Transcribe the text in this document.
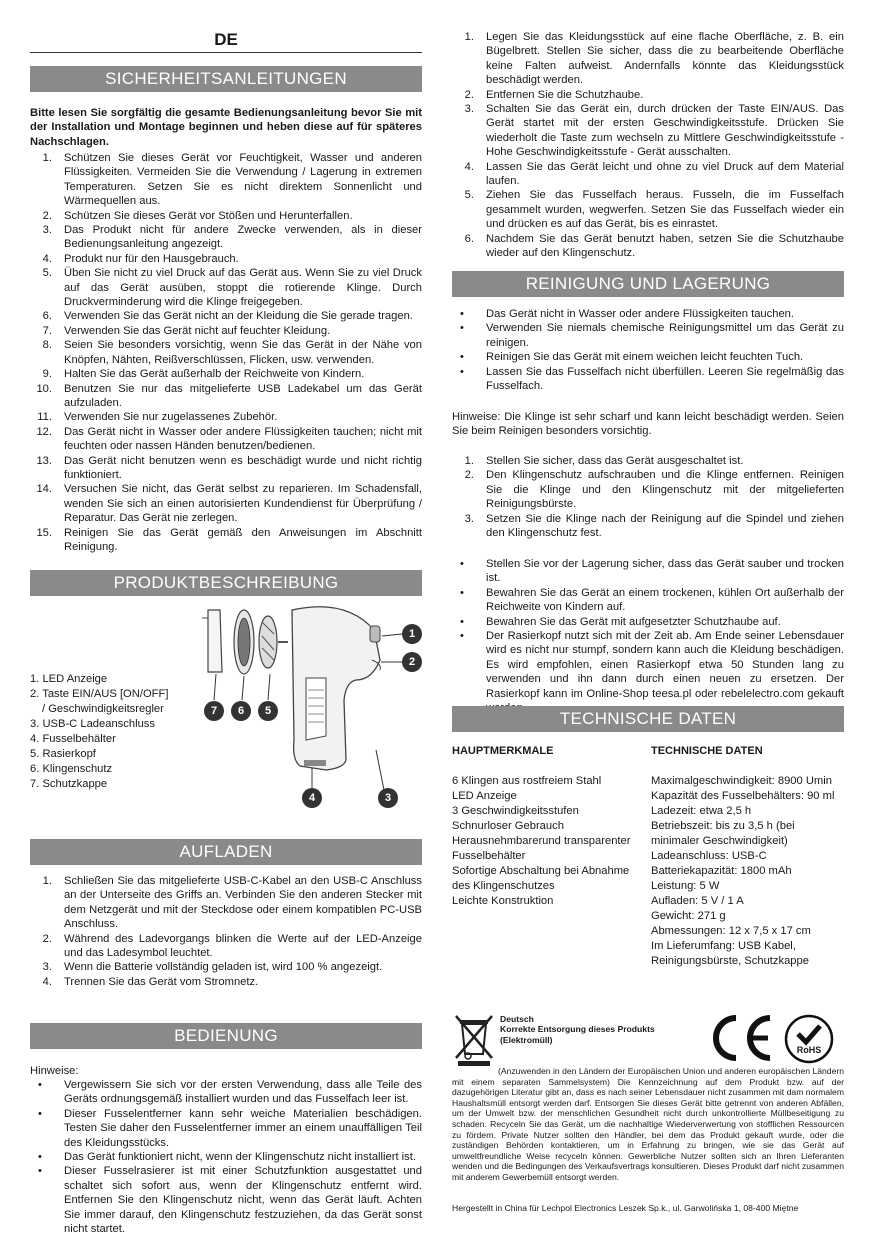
DE
SICHERHEITSANLEITUNGEN
Bitte lesen Sie sorgfältig die gesamte Bedienungsanleitung bevor Sie mit der Installation und Montage beginnen und heben diese auf für späteres Nachschlagen.
1. Schützen Sie dieses Gerät vor Feuchtigkeit, Wasser und anderen Flüssigkeiten. Vermeiden Sie die Verwendung / Lagerung in extremen Temperaturen. Setzen Sie es nicht direktem Sonnenlicht und Wärmequellen aus.
2. Schützen Sie dieses Gerät vor Stößen und Herunterfallen.
3. Das Produkt nicht für andere Zwecke verwenden, als in dieser Bedienungsanleitung angezeigt.
4. Produkt nur für den Hausgebrauch.
5. Üben Sie nicht zu viel Druck auf das Gerät aus. Wenn Sie zu viel Druck auf das Gerät ausüben, stoppt die rotierende Klinge. Durch Druckverminderung wird die Klinge freigegeben.
6. Verwenden Sie das Gerät nicht an der Kleidung die Sie gerade tragen.
7. Verwenden Sie das Gerät nicht auf feuchter Kleidung.
8. Seien Sie besonders vorsichtig, wenn Sie das Gerät in der Nähe von Knöpfen, Nähten, Reißverschlüssen, Flicken, usw. verwenden.
9. Halten Sie das Gerät außerhalb der Reichweite von Kindern.
10. Benutzen Sie nur das mitgelieferte USB Ladekabel um das Gerät aufzuladen.
11. Verwenden Sie nur zugelassenes Zubehör.
12. Das Gerät nicht in Wasser oder andere Flüssigkeiten tauchen; nicht mit feuchten oder nassen Händen benutzen/bedienen.
13. Das Gerät nicht benutzen wenn es beschädigt wurde und nicht richtig funktioniert.
14. Versuchen Sie nicht, das Gerät selbst zu reparieren. Im Schadensfall, wenden Sie sich an einen autorisierten Kundendienst für Überprüfung / Reparatur. Das Gerät nie zerlegen.
15. Reinigen Sie das Gerät gemäß den Anweisungen im Abschnitt Reinigung.
PRODUKTBESCHREIBUNG
1. LED Anzeige
2. Taste EIN/AUS [ON/OFF]
/ Geschwindigkeitsregler
3. USB-C Ladeanschluss
4. Fusselbehälter
5. Rasierkopf
6. Klingenschutz
7. Schutzkappe
1
2
3
4
5
6
7
AUFLADEN
1. Schließen Sie das mitgelieferte USB-C-Kabel an den USB-C Anschluss an der Unterseite des Griffs an. Verbinden Sie den anderen Stecker mit dem Netzgerät und mit der Steckdose oder einem kompatiblen PC-USB Anschluss.
2. Während des Ladevorgangs blinken die Werte auf der LED-Anzeige und das Ladesymbol leuchtet.
3. Wenn die Batterie vollständig geladen ist, wird 100 % angezeigt.
4. Trennen Sie das Gerät vom Stromnetz.
BEDIENUNG
Hinweise:
• Vergewissern Sie sich vor der ersten Verwendung, dass alle Teile des Geräts ordnungsgemäß installiert wurden und das Fusselfach leer ist.
• Dieser Fusselentferner kann sehr weiche Materialien beschädigen. Testen Sie daher den Fusselentferner immer an einem unauffälligen Teil des Kleidungsstücks.
• Das Gerät funktioniert nicht, wenn der Klingenschutz nicht installiert ist.
• Dieser Fusselrasierer ist mit einer Schutzfunktion ausgestattet und schaltet sich sofort aus, wenn der Klingenschutz entfernt wird. Entfernen Sie den Klingenschutz nicht, wenn das Gerät läuft. Achten Sie immer darauf, den Klingenschutz festzuziehen, da das Gerät sonst nicht startet.
1. Legen Sie das Kleidungsstück auf eine flache Oberfläche, z. B. ein Bügelbrett. Stellen Sie sicher, dass die zu bearbeitende Oberfläche keine Falten aufweist. Andernfalls könnte das Kleidungsstück beschädigt werden.
2. Entfernen Sie die Schutzhaube.
3. Schalten Sie das Gerät ein, durch drücken der Taste EIN/AUS. Das Gerät startet mit der ersten Geschwindigkeitsstufe. Drücken Sie wiederholt die Taste zum wechseln zu Mittlere Geschwindigkeitsstufe - Hohe Geschwindigkeitsstufe - Gerät ausschalten.
4. Lassen Sie das Gerät leicht und ohne zu viel Druck auf dem Material laufen.
5. Ziehen Sie das Fusselfach heraus. Fusseln, die im Fusselfach gesammelt wurden, wegwerfen. Setzen Sie das Fusselfach wieder ein und drücken es auf das Gerät, bis es einrastet.
6. Nachdem Sie das Gerät benutzt haben, setzen Sie die Schutzhaube wieder auf den Klingenschutz.
REINIGUNG UND LAGERUNG
• Das Gerät nicht in Wasser oder andere Flüssigkeiten tauchen.
• Verwenden Sie niemals chemische Reinigungsmittel um das Gerät zu reinigen.
• Reinigen Sie das Gerät mit einem weichen leicht feuchten Tuch.
• Lassen Sie das Fusselfach nicht überfüllen. Leeren Sie regelmäßig das Fusselfach.
Hinweise: Die Klinge ist sehr scharf und kann leicht beschädigt werden. Seien Sie beim Reinigen besonders vorsichtig.
1. Stellen Sie sicher, dass das Gerät ausgeschaltet ist.
2. Den Klingenschutz aufschrauben und die Klinge entfernen. Reinigen Sie die Klinge und den Klingenschutz mit der mitgelieferten Reinigungsbürste.
3. Setzen Sie die Klinge nach der Reinigung auf die Spindel und ziehen den Klingenschutz fest.
• Stellen Sie vor der Lagerung sicher, dass das Gerät sauber und trocken ist.
• Bewahren Sie das Gerät an einem trockenen, kühlen Ort außerhalb der Reichweite von Kindern auf.
• Bewahren Sie das Gerät mit aufgesetzter Schutzhaube auf.
• Der Rasierkopf nutzt sich mit der Zeit ab. Am Ende seiner Lebensdauer wird es nicht nur stumpf, sondern kann auch die Kleidung beschädigen. Es wird empfohlen, einen Rasierkopf etwa 50 Stunden lang zu verwenden und ihn dann durch einen neuen zu ersetzen. Der Rasierkopf kann im Online-Shop teesa.pl oder rebelelectro.com gekauft
TECHNISCHE DATEN
HAUPTMERKMALE	TECHNISCHE DATEN
6 Klingen aus rostfreiem Stahl
LED Anzeige
3 Geschwindigkeitsstufen
Schnurloser Gebrauch
Herausnehmbarerund transparenter
Fusselbehälter
Sofortige Abschaltung bei Abnahme
des Klingenschutzes
Leichte Konstruktion
Maximalgeschwindigkeit: 8900 Umin
Kapazität des Fusselbehälters: 90 ml
Ladezeit: etwa 2,5 h
Betriebszeit: bis zu 3,5 h (bei
minimaler Geschwindigkeit)
Ladeanschluss: USB-C
Batteriekapazität: 1800 mAh
Leistung: 5 W
Aufladen: 5 V / 1 A
Gewicht: 271 g
Abmessungen: 12 x 7,5 x 17 cm
Im Lieferumfang: USB Kabel,
Reinigungsbürste, Schutzkappe
Deutsch
Korrekte Entsorgung dieses Produkts
(Elektromüll)
RoHS
(Anzuwenden in den Ländern der Europäischen Union und anderen europäischen Ländern mit einem separaten Sammelsystem) Die Kennzeichnung auf dem Produkt bzw. auf der dazugehörigen Literatur gibt an, dass es nach seiner Lebensdauer nicht zusammen mit dam normalem Haushaltsmüll entsorgt werden darf. Entsorgen Sie dieses Gerät bitte getrennt von anderen Abfällen, um der Umwelt bzw. der menschlichen Gesundheit nicht durch unkontrollierte Müllbeseitigung zu schaden. Recyceln Sie das Gerät, um die nachhaltige Wiederverwertung von stofflichen Ressourcen zu fördern. Private Nutzer sollten den Händler, bei dem das Produkt gekauft wurde, oder die zuständigen Behörden kontaktieren, um in Erfahrung zu bringen, wie sie das Gerät auf umweltfreundliche Weise recyceln können. Gewerbliche Nutzer sollten sich an Ihren Lieferanten wenden und die Bedingungen des Verkaufsvertrags konsultieren. Dieses Produkt darf nicht zusammen mit anderem Gewerbemüll entsorgt werden.
Hergestellt in China für Lechpol Electronics Leszek Sp.k., ul. Garwolińska 1, 08-400 Miętne
